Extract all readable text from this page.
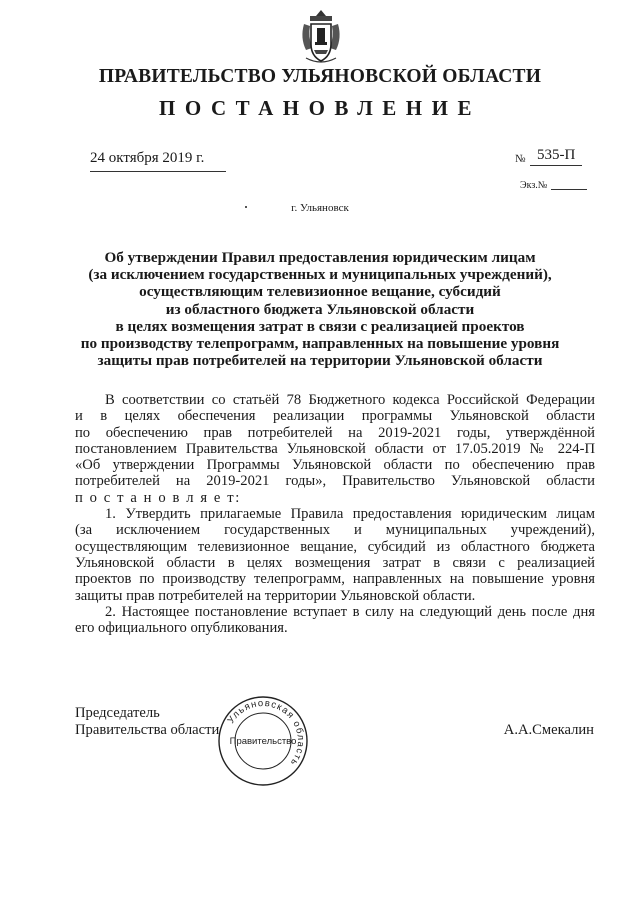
ПРАВИТЕЛЬСТВО УЛЬЯНОВСКОЙ ОБЛАСТИ
ПОСТАНОВЛЕНИЕ
24 октября 2019 г.	№ 535-П
Экз.№
г. Ульяновск
Об утверждении Правил предоставления юридическим лицам
(за исключением государственных и муниципальных учреждений),
осуществляющим телевизионное вещание, субсидий
из областного бюджета Ульяновской области
в целях возмещения затрат в связи с реализацией проектов
по производству телепрограмм, направленных на повышение уровня
защиты прав потребителей на территории Ульяновской области
В соответствии со статьёй 78 Бюджетного кодекса Российской Федерации
и в целях обеспечения реализации программы Ульяновской области
по обеспечению прав потребителей на 2019-2021 годы, утверждённой
постановлением Правительства Ульяновской области от 17.05.2019 № 224-П
«Об утверждении Программы Ульяновской области по обеспечению прав
потребителей на 2019-2021 годы», Правительство Ульяновской области
п о с т а н о в л я е т:
1. Утвердить прилагаемые Правила предоставления юридическим лицам
(за исключением государственных и муниципальных учреждений),
осуществляющим телевизионное вещание, субсидий из областного бюджета
Ульяновской области в целях возмещения затрат в связи с реализацией
проектов по производству телепрограмм, направленных на повышение уровня
защиты прав потребителей на территории Ульяновской области.
2. Настоящее постановление вступает в силу на следующий день после дня
его официального опубликования.
Председатель
Правительства области	А.А.Смекалин
Ульяновская область
Правительство
